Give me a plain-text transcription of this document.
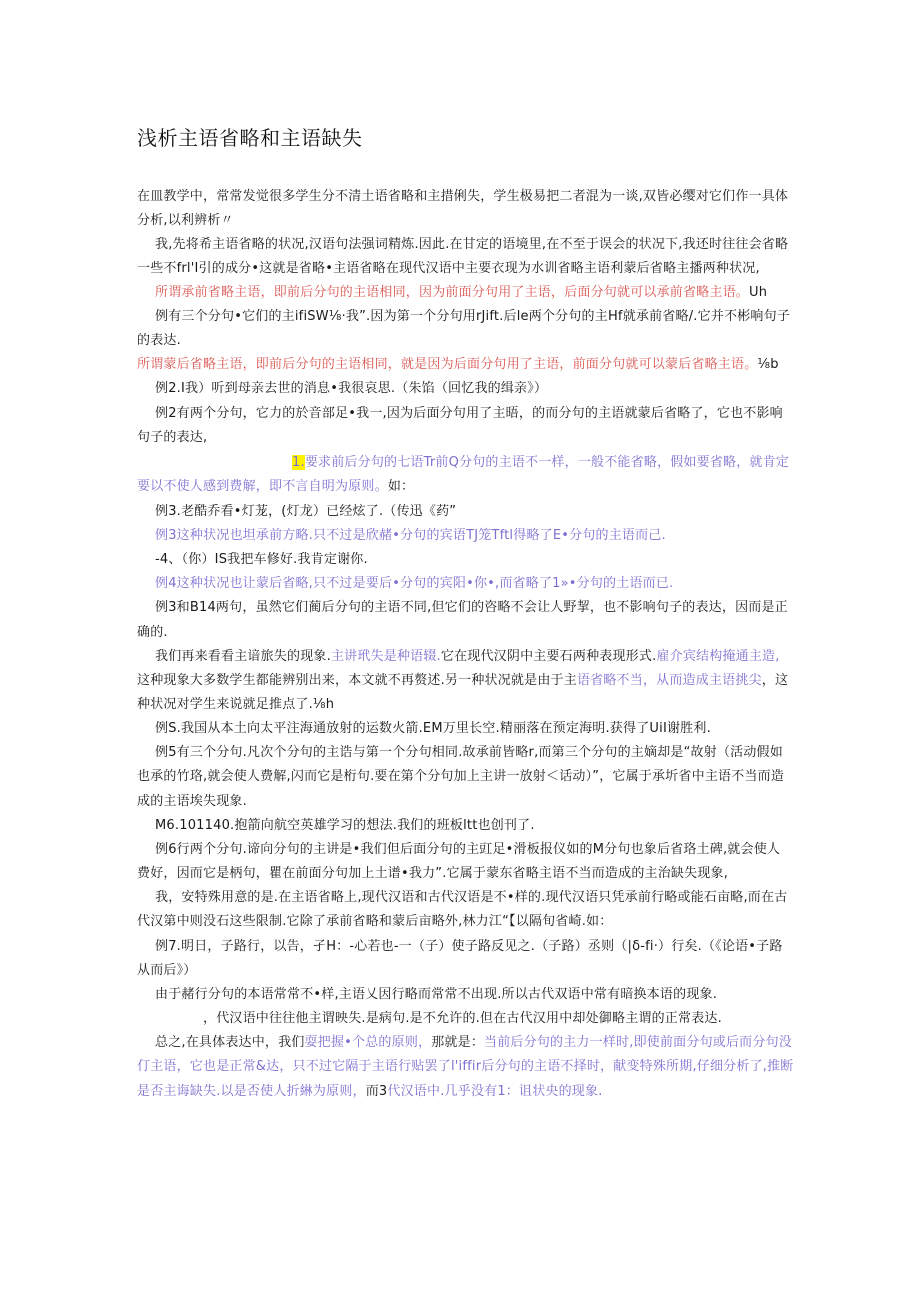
浅析主语省略和主语缺失
在皿教学中，常常发觉很多学生分不清土语省略和主措俐失，学生极易把二者混为一谈,双皆必缨对它们作一具体
分析,以利辨析〃
我,先将希主语省略的状况,汉语句法强词精炼.因此.在甘定的语境里,在不至于误会的状况下,我还时往往会省略
一些不frl'I引的成分•这就是省略•主语省略在现代汉语中主要衣现为水训省略主语利蒙后省略主播两种状况,
所谓承前省略主语，即前后分句的主语相同，因为前面分句用了主语，后面分句就可以承前省略主语。Uh
例有三个分句•它们的主ifiSW⅛·我”.因为第一个分句用rJift.后le两个分句的主Hf就承前省略/.它并不彬响句子
的表达.
所谓蒙后省略主语，即前后分句的主语相同，就是因为后面分句用了主语，前面分句就可以蒙后省略主语。⅛b
例2.I我）听到母亲去世的消息•我很哀思.（朱馅（回忆我的缉亲》）
例2有两个分句，它力的於音部足•我一,因为后面分句用了主晤，的而分句的主语就蒙后省略了，它也不影响
句子的表达,
1.要求前后分句的七语Tr前Q分句的主语不一样，一般不能省略，假如要省略，就肯定
要以不使人感到费解，即不言自明为原则。如：
例3.老酷乔看•灯茏，(灯龙）已经炫了.（传迅《药”
例3这种状况也坦承前方略.只不过是欣赭•分句的宾语TJ笼Tftl得略了E•分句的主语而己.
-4、（你）IS我把车修好.我肯定谢你.
例4这种状况也让蒙后省略,只不过是要后•分句的宾阳•你•,而省略了1»•分句的土语而已.
例3和B14两句，虽然它们蔺后分句的主语不同,但它们的咨略不会让人野挈，也不影响句子的表达，因而是正
确的.
我们再来看看主谙旅失的现象.主讲玳失是种语辍.它在现代汉阴中主要石两种表现形式.雇介宾结构掩通主造,
这种现象大多数学生都能辨别出来，本文就不再赘述.另一种状况就是由于主语省略不当，从而造成主语挑尖，这
种状况对学生来说就足推点了.⅛h
例S.我国从本土向太平注海通放射的运数火箭.EM万里长空.精丽落在预定海明.获得了UiI谢胜利.
例5有三个分句.凡次个分句的主诰与第一个分句相同.故承前皆略r,而第三个分句的主嫡却是“故射（活动假如
也承的竹珞,就会使人费解,闪而它是桁句.要在第个分句加上主讲一放射＜话动）”，它属于承圻省中主语不当而造
成的主语埃失现象.
M6.101140.抱箭向航空英雄学习的想法.我们的班板ltt也创刊了.
例6行两个分句.谛向分句的主讲是•我们但后面分句的主豇足•滑板报仪如的M分句也象后省珞土碑,就会使人
费好，因而它是柄句，瞿在前面分句加上土谱•我力”.它属于蒙东省略主语不当而造成的主治缺失现象,
我，安特殊用意的是.在主语省略上,现代汉语和古代汉语是不•样的.现代汉语只凭承前行略或能石亩略,而在古
代汉第中则没石这些限制.它除了承前省略和蒙后亩略外,林力江“【以隔旬省崎.如：
例7.明日，子路行，以告，孑H：-心若也-一（子）使子路反见之.（子路）丞则（|δ-fi·）行矣.（《论语•子路
从而后》）
由于赭行分句的本语常常不•样,主语乂因行略而常常不出现.所以古代双语中常有暗换本语的现象.
，代汉语中往往他主谓映失.是病句.是不允许的.但在古代汉用中却处御略主谓的正常表达.
总之,在具体表达中，我们耍把握•个总的原则，那就是：当前后分句的主力一样时,即使前面分句或后而分句没
仃主语，它也是正常&达，只不过它隔于主语行贴罢了l'iffir后分句的主语不择时，献变特殊所期,仔细分析了,推断
是否主诲缺失.以是否使人折綝为原则，而3代汉语中.几乎没有1：诅状央的现象.
